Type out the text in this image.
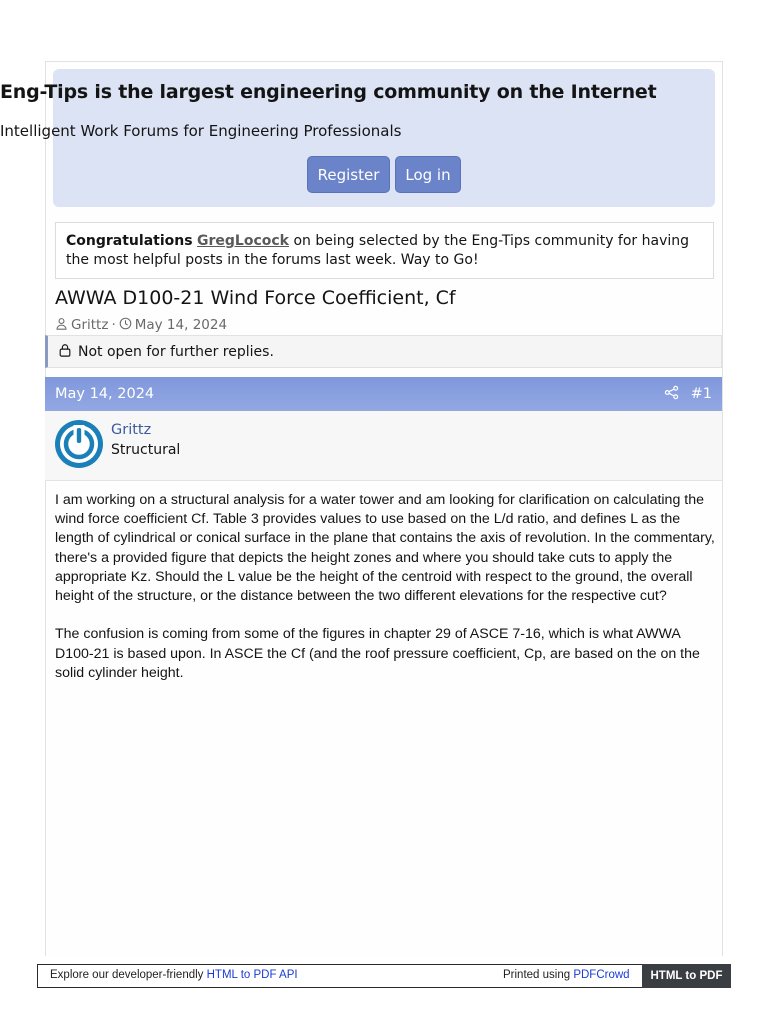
Eng-Tips is the largest engineering community on the Internet
Intelligent Work Forums for Engineering Professionals
Register	Log in
Congratulations GregLocock on being selected by the Eng-Tips community for having the most helpful posts in the forums last week. Way to Go!
AWWA D100-21 Wind Force Coefficient, Cf
Grittz · May 14, 2024
Not open for further replies.
May 14, 2024	#1
Grittz
Structural

I am working on a structural analysis for a water tower and am looking for clarification on calculating the wind force coefficient Cf. Table 3 provides values to use based on the L/d ratio, and defines L as the length of cylindrical or conical surface in the plane that contains the axis of revolution. In the commentary, there's a provided figure that depicts the height zones and where you should take cuts to apply the appropriate Kz. Should the L value be the height of the centroid with respect to the ground, the overall height of the structure, or the distance between the two different elevations for the respective cut?

The confusion is coming from some of the figures in chapter 29 of ASCE 7-16, which is what AWWA D100-21 is based upon. In ASCE the Cf (and the roof pressure coefficient, Cp, are based on the on the solid cylinder height.

Explore our developer-friendly HTML to PDF API	Printed using PDFCrowd	HTML to PDF
